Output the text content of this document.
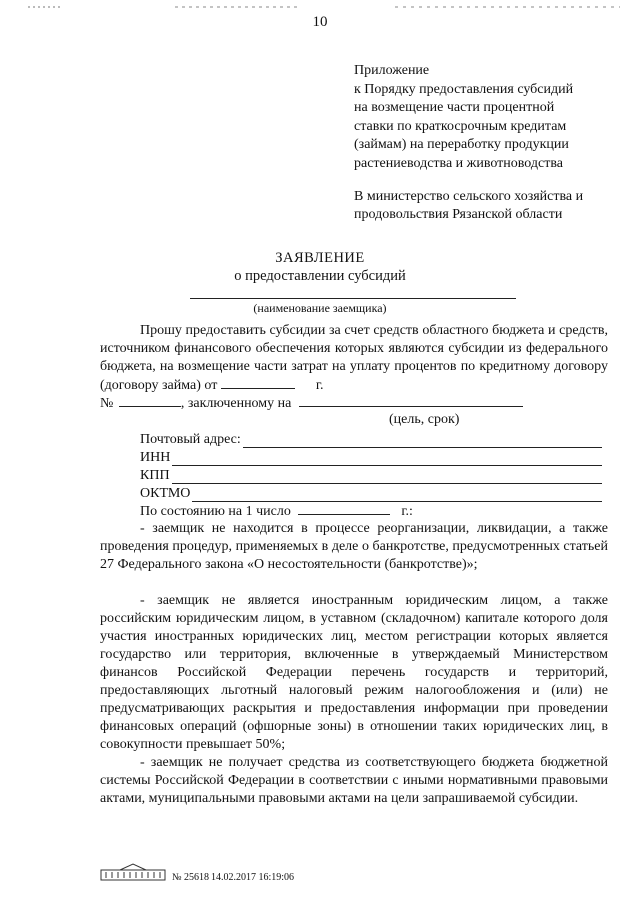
10
Приложение
к Порядку предоставления субсидий
на возмещение части процентной
ставки по краткосрочным кредитам
(займам) на переработку продукции
растениеводства и животноводства
В министерство сельского хозяйства и
продовольствия Рязанской области
ЗАЯВЛЕНИЕ
о предоставлении субсидий
(наименование заемщика)
Прошу предоставить субсидии за счет средств областного бюджета и средств, источником финансового обеспечения которых являются субсидии из федерального бюджета, на возмещение части затрат на уплату процентов по кредитному договору (договору займа) от	г.
№	, заключенному на
(цель, срок)
Почтовый адрес:
ИНН
КПП
ОКТМО
По состоянию на 1 число	г.:
- заемщик не находится в процессе реорганизации, ликвидации, а также проведения процедур, применяемых в деле о банкротстве, предусмотренных статьей 27 Федерального закона «О несостоятельности (банкротстве)»;
- заемщик не является иностранным юридическим лицом, а также российским юридическим лицом, в уставном (складочном) капитале которого доля участия иностранных юридических лиц, местом регистрации которых является государство или территория, включенные в утверждаемый Министерством финансов Российской Федерации перечень государств и территорий, предоставляющих льготный налоговый режим налогообложения и (или) не предусматривающих раскрытия и предоставления информации при проведении финансовых операций (офшорные зоны) в отношении таких юридических лиц, в совокупности превышает 50%;
- заемщик не получает средства из соответствующего бюджета бюджетной системы Российской Федерации в соответствии с иными нормативными правовыми актами, муниципальными правовыми актами на цели запрашиваемой субсидии.
№ 25618 14.02.2017 16:19:06
